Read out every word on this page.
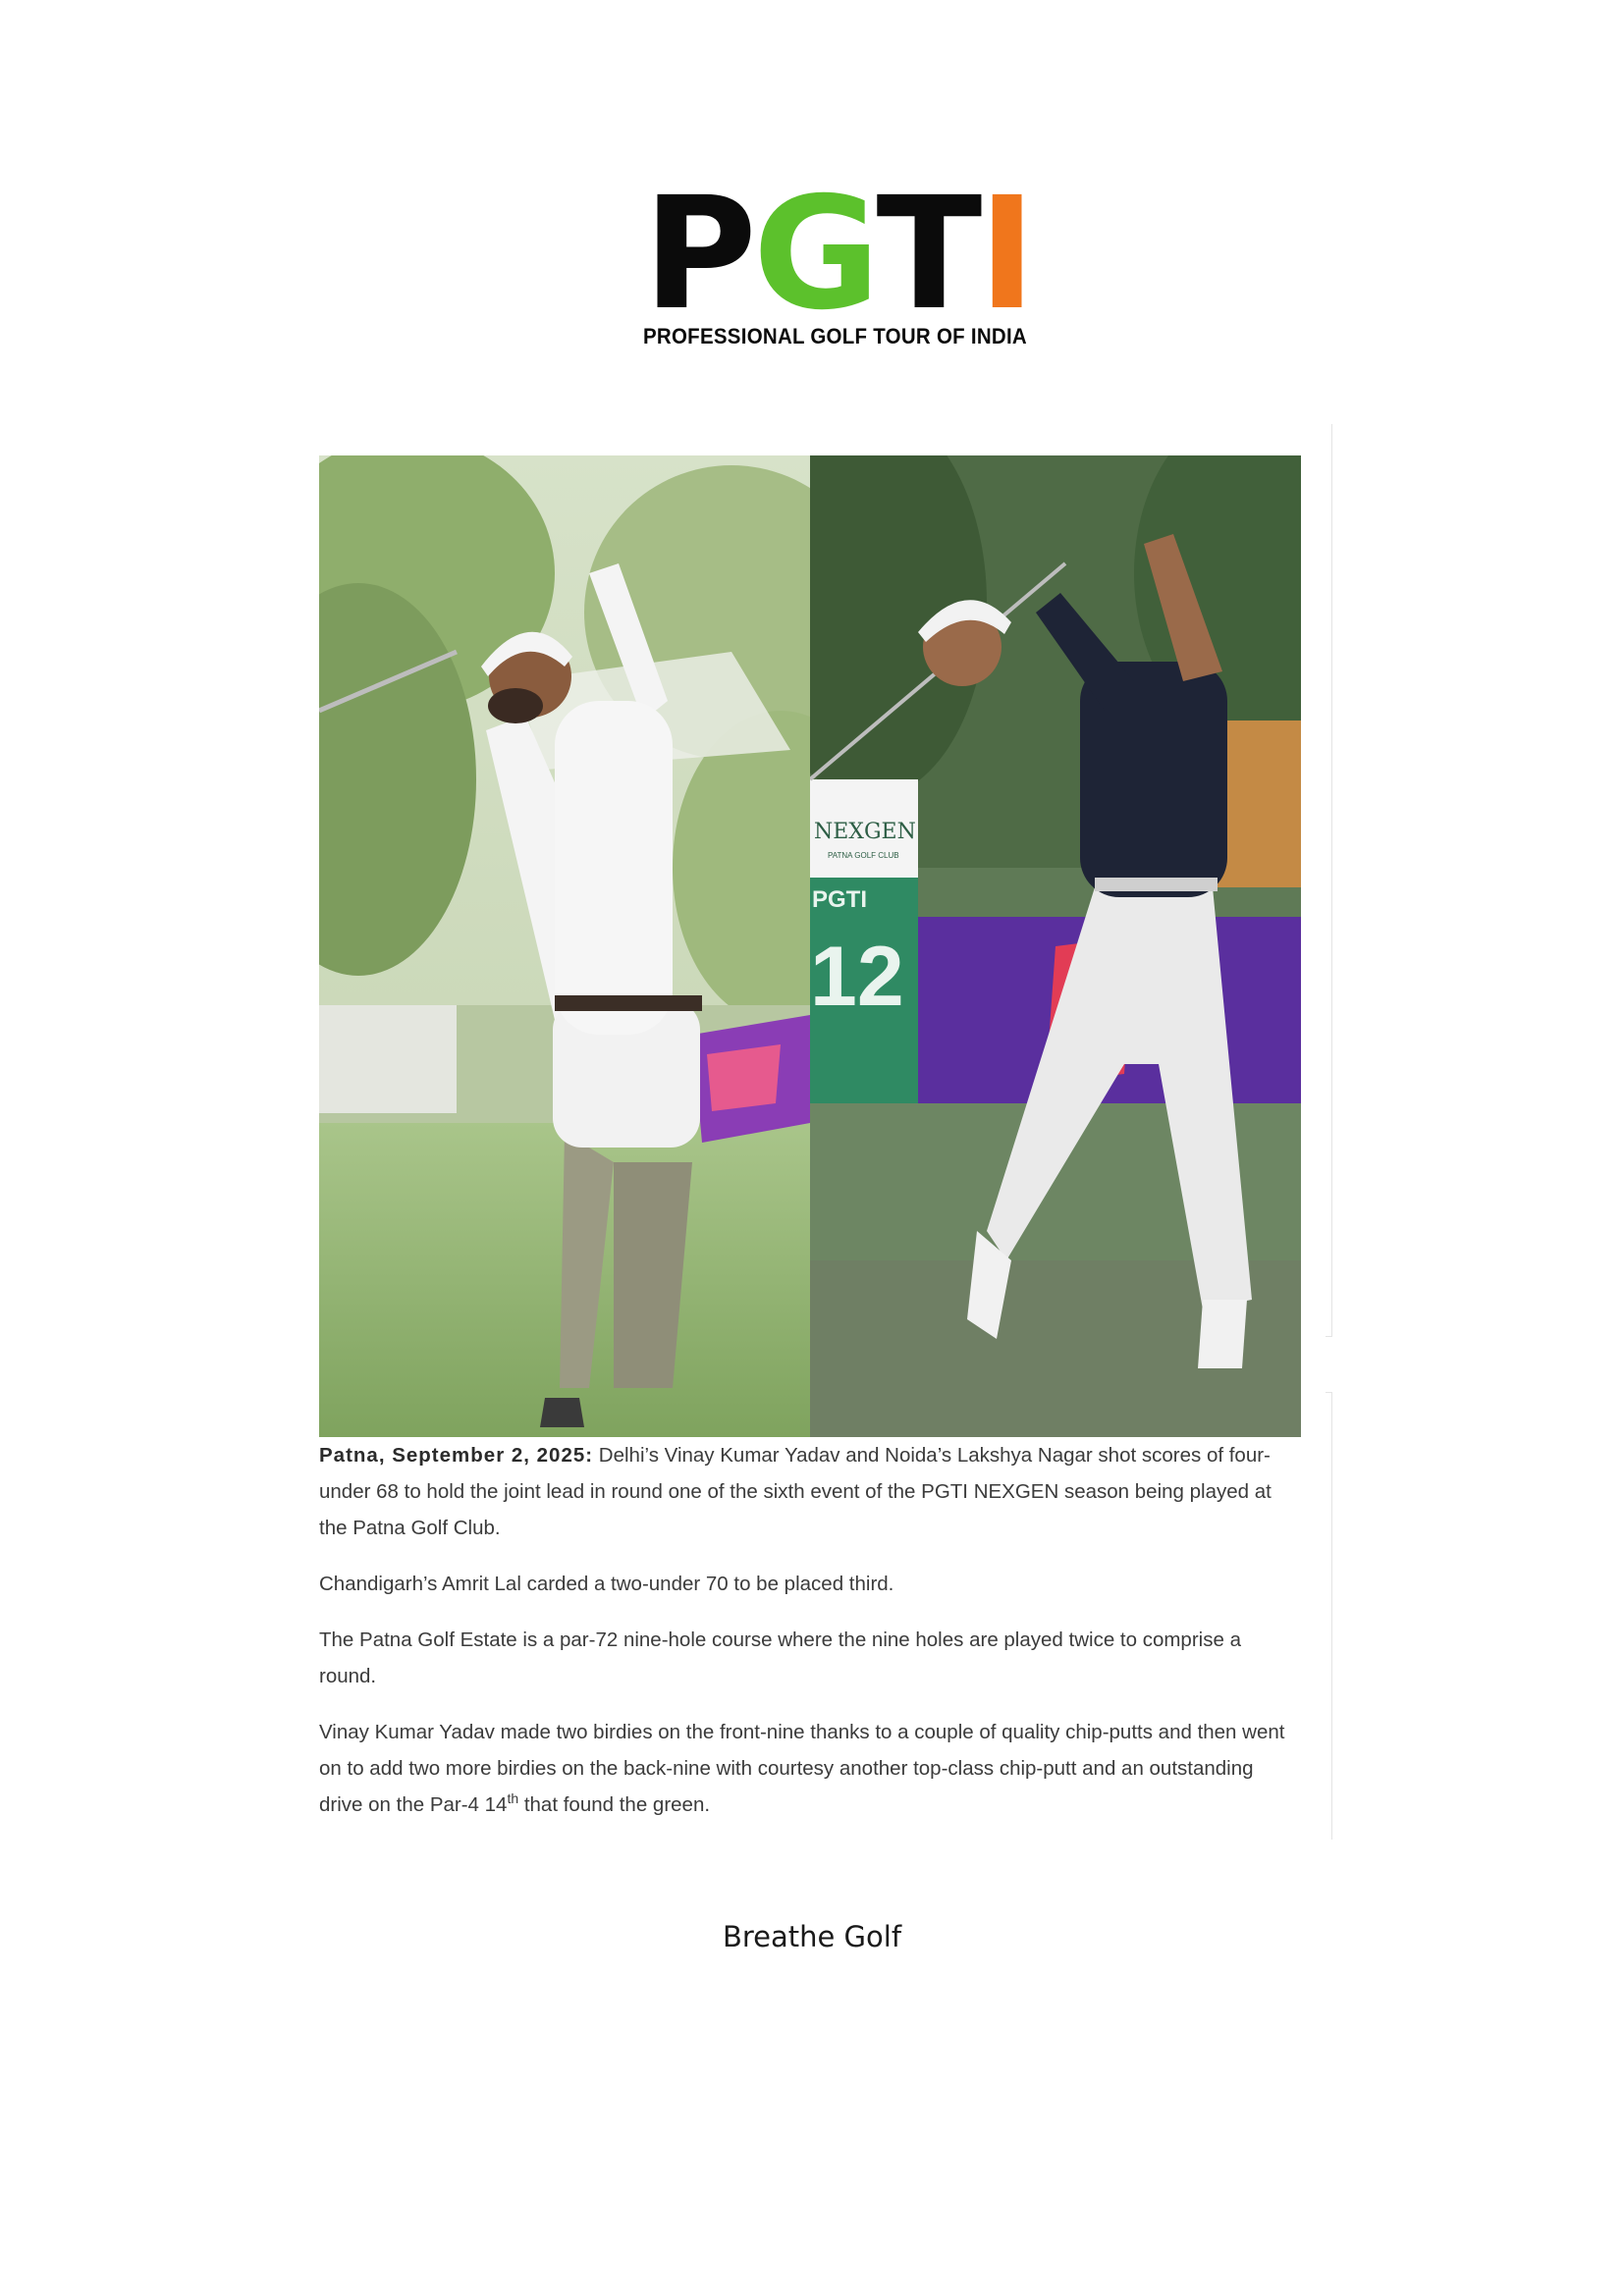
P G T I
PROFESSIONAL GOLF TOUR OF INDIA
NEXGEN
PATNA GOLF CLUB
PGTI
12

Patna, September 2, 2025: Delhi’s Vinay Kumar Yadav and Noida’s Lakshya Nagar shot scores of four-under 68 to hold the joint lead in round one of the sixth event of the PGTI NEXGEN season being played at the Patna Golf Club.

Chandigarh’s Amrit Lal carded a two-under 70 to be placed third.

The Patna Golf Estate is a par-72 nine-hole course where the nine holes are played twice to comprise a round.

Vinay Kumar Yadav made two birdies on the front-nine thanks to a couple of quality chip-putts and then went on to add two more birdies on the back-nine with courtesy another top-class chip-putt and an outstanding drive on the Par-4 14th that found the green.

Breathe Golf
